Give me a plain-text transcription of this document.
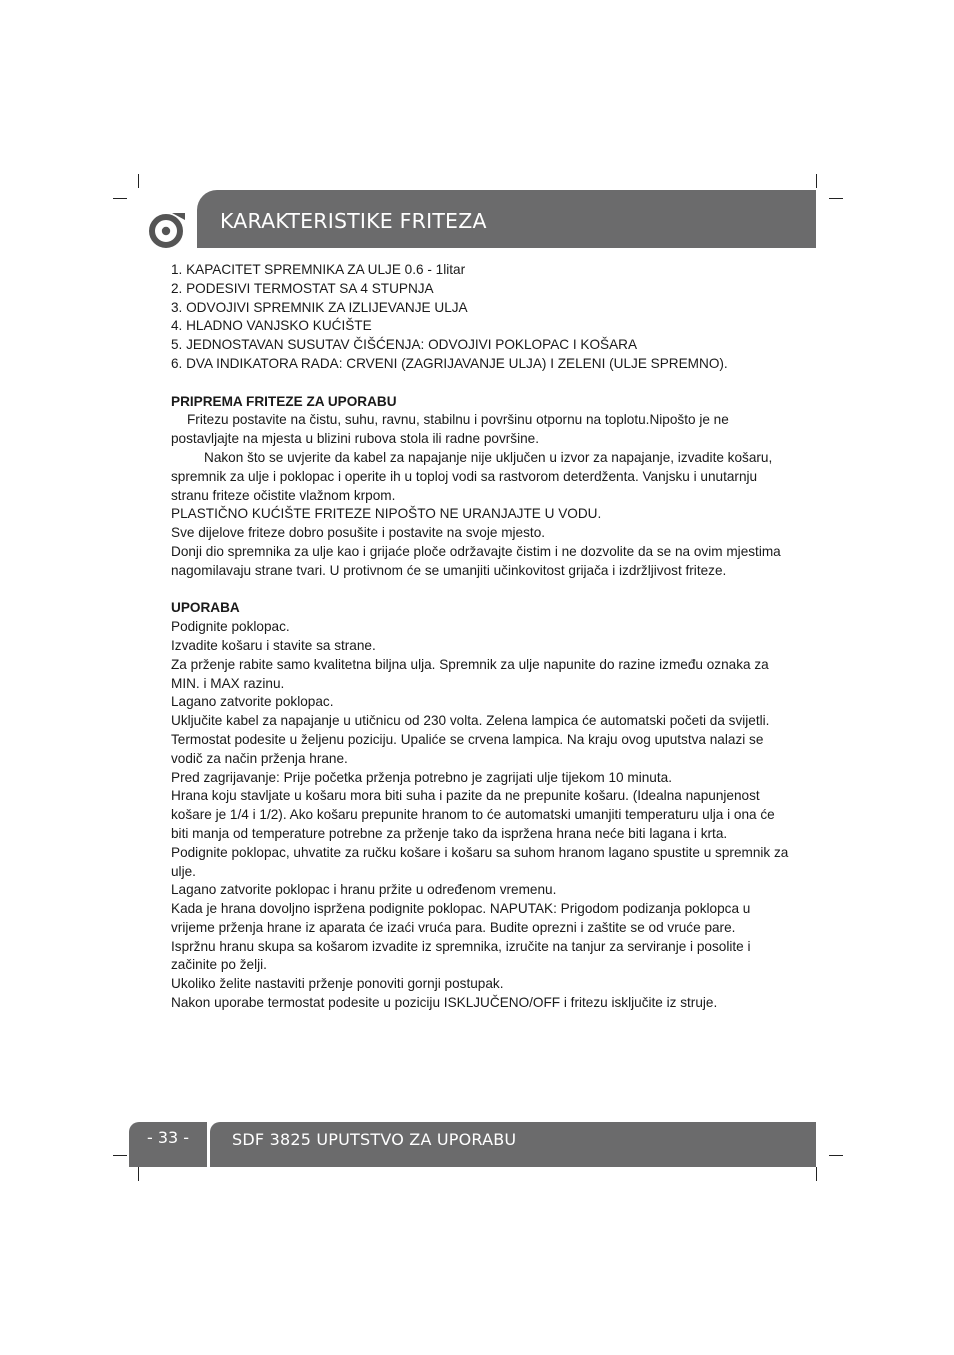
KARAKTERISTIKE FRITEZA
1. KAPACITET SPREMNIKA ZA ULJE 0.6 - 1litar
2. PODESIVI TERMOSTAT SA 4 STUPNJA
3. ODVOJIVI SPREMNIK ZA IZLIJEVANJE ULJA
4. HLADNO VANJSKO KUĆIŠTE
5. JEDNOSTAVAN SUSUTAV ČIŠĆENJA: ODVOJIVI POKLOPAC I KOŠARA
6. DVA INDIKATORA RADA: CRVENI (ZAGRIJAVANJE ULJA) I ZELENI (ULJE SPREMNO).
PRIPREMA FRITEZE ZA UPORABU

Fritezu postavite na čistu, suhu, ravnu, stabilnu i površinu otpornu na toplotu.Nipošto je ne postavljajte na mjesta u blizini rubova stola ili radne površine.

Nakon što se uvjerite da kabel za napajanje nije uključen u izvor za napajanje, izvadite košaru, spremnik za ulje i poklopac i operite ih u toploj vodi sa rastvorom deterdženta. Vanjsku i unutarnju stranu friteze očistite vlažnom krpom.

PLASTIČNO KUĆIŠTE FRITEZE NIPOŠTO NE URANJAJTE U VODU.

Sve dijelove friteze dobro posušite i postavite na svoje mjesto.

Donji dio spremnika za ulje kao i grijaće ploče održavajte čistim i ne dozvolite da se na ovim mjestima nagomilavaju strane tvari. U protivnom će se umanjiti učinkovitost grijača i izdržljivost friteze.

UPORABA

Podignite poklopac.

Izvadite košaru i stavite sa strane.

Za prženje rabite samo kvalitetna biljna ulja. Spremnik za ulje napunite do razine između oznaka za MIN. i MAX razinu.

Lagano zatvorite poklopac.

Uključite kabel za napajanje u utičnicu od 230 volta. Zelena lampica će automatski početi da svijetli.

Termostat podesite u željenu poziciju. Upaliće se crvena lampica. Na kraju ovog uputstva nalazi se vodič za način prženja hrane.

Pred zagrijavanje: Prije početka prženja potrebno je zagrijati ulje tijekom 10 minuta.

Hrana koju stavljate u košaru mora biti suha i pazite da ne prepunite košaru. (Idealna napunjenost košare je 1/4 i 1/2). Ako košaru prepunite hranom to će automatski umanjiti temperaturu ulja i ona će biti manja od temperature potrebne za prženje tako da ispržena hrana neće biti lagana i krta.

Podignite poklopac, uhvatite za ručku košare i košaru sa suhom hranom lagano spustite u spremnik za ulje.

Lagano zatvorite poklopac i hranu pržite u određenom vremenu.

Kada je hrana dovoljno ispržena podignite poklopac. NAPUTAK: Prigodom podizanja poklopca u vrijeme prženja hrane iz aparata će izaći vruća para. Budite oprezni i zaštite se od vruće pare.

Ispržnu hranu skupa sa košarom izvadite iz spremnika, izručite na tanjur za serviranje i posolite i začinite po želji.

Ukoliko želite nastaviti prženje ponoviti gornji postupak.

Nakon uporabe termostat podesite u poziciju ISKLJUČENO/OFF i fritezu isključite iz struje.

- 33 -	SDF 3825 UPUTSTVO ZA UPORABU
